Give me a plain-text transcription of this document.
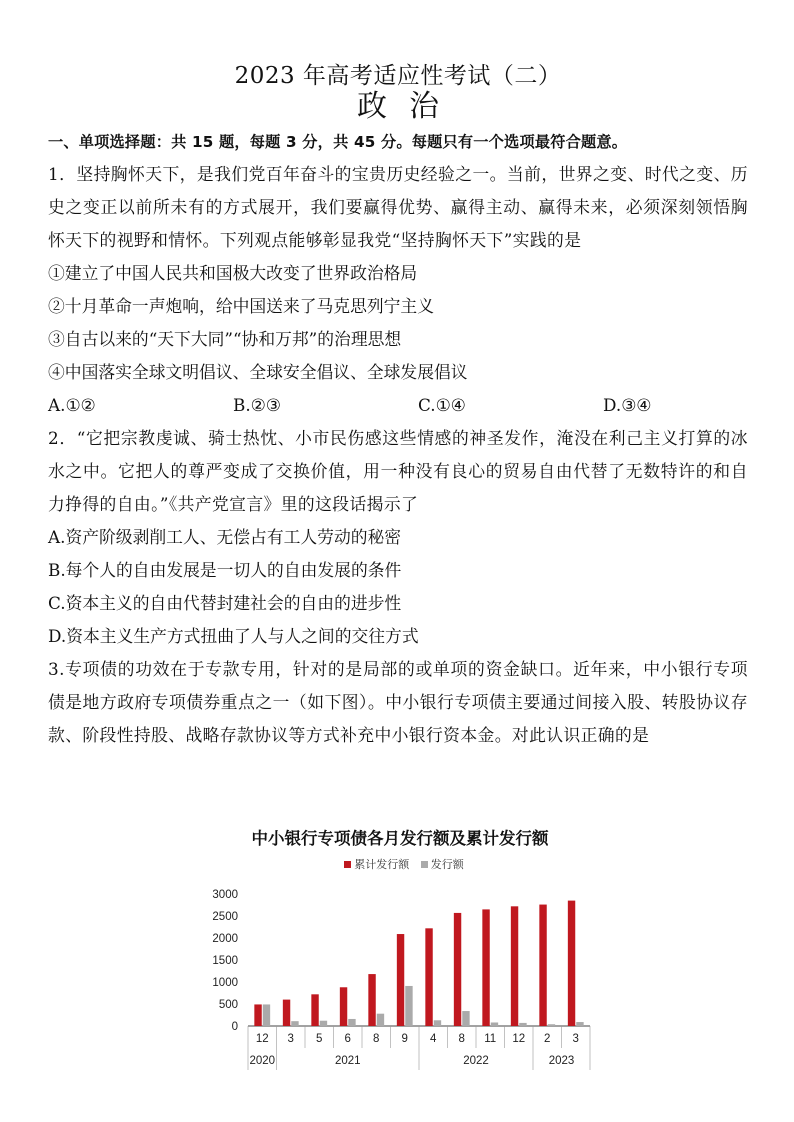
2023 年高考适应性考试（二）
政治
一、单项选择题：共 15 题，每题 3 分，共 45 分。每题只有一个选项最符合题意。

1．坚持胸怀天下，是我们党百年奋斗的宝贵历史经验之一。当前，世界之变、时代之变、历史之变正以前所未有的方式展开，我们要赢得优势、赢得主动、赢得未来，必须深刻领悟胸怀天下的视野和情怀。下列观点能够彰显我党“坚持胸怀天下”实践的是

①建立了中国人民共和国极大改变了世界政治格局

②十月革命一声炮响，给中国送来了马克思列宁主义

③自古以来的“天下大同”“协和万邦”的治理思想

④中国落实全球文明倡议、全球安全倡议、全球发展倡议

A.①②	B.②③	C.①④	D.③④

2．“它把宗教虔诚、骑士热忱、小市民伤感这些情感的神圣发作，淹没在利己主义打算的冰水之中。它把人的尊严变成了交换价值，用一种没有良心的贸易自由代替了无数特许的和自力挣得的自由。”《共产党宣言》里的这段话揭示了

A.资产阶级剥削工人、无偿占有工人劳动的秘密

B.每个人的自由发展是一切人的自由发展的条件

C.资本主义的自由代替封建社会的自由的进步性

D.资本主义生产方式扭曲了人与人之间的交往方式

3.专项债的功效在于专款专用，针对的是局部的或单项的资金缺口。近年来，中小银行专项债是地方政府专项债券重点之一（如下图）。中小银行专项债主要通过间接入股、转股协议存款、阶段性持股、战略存款协议等方式补充中小银行资本金。对此认识正确的是

0
500
1000
1500
2000
2500
3000
12 3 5 6 8 9 4 8 11 12 2 3
2020	2021	2022	2023
中小银行专项债各月发行额及累计发行额
累计发行额 发行额
